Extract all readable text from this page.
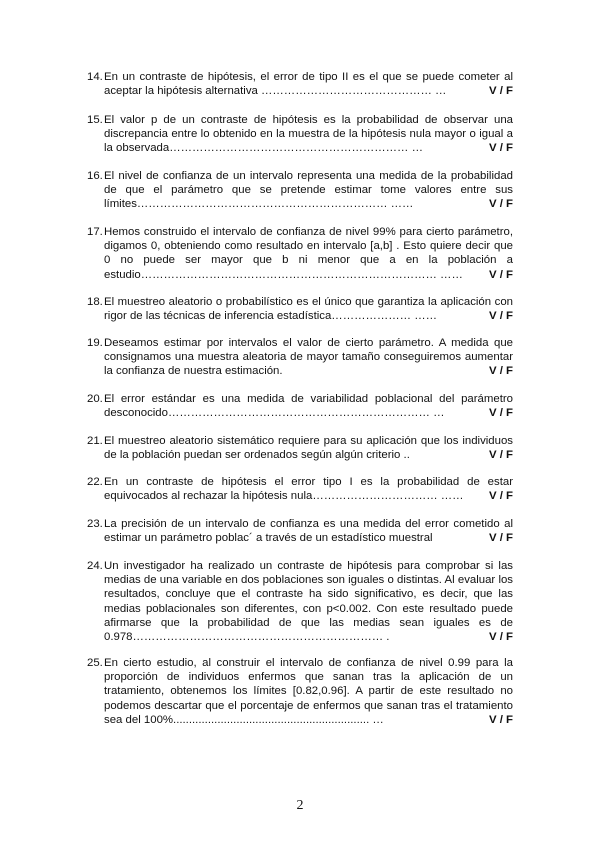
14. En un contraste de hipótesis, el error de tipo II es el que se puede cometer al aceptar la hipótesis alternativa ……………………………………… …	V / F
15. El valor p de un contraste de hipótesis es la probabilidad de observar una discrepancia entre lo obtenido en la muestra de la hipótesis nula mayor o igual a la observada……………………………………………………… …	V / F
16. El nivel de confianza de un intervalo representa una medida de la probabilidad de que el parámetro que se pretende estimar tome valores entre sus límites………………………………………………………… ……	V / F
17. Hemos construido el intervalo de confianza de nivel 99% para cierto parámetro, digamos 0, obteniendo como resultado en intervalo [a,b] . Esto quiere decir que 0 no puede ser mayor que b ni menor que a en la población a estudio…………………………………………………………………… …… V / F
18. El muestreo aleatorio o probabilístico es el único que garantiza la aplicación con rigor de las técnicas de inferencia estadística………………… ……	V / F
19. Deseamos estimar por intervalos el valor de cierto parámetro. A medida que consignamos una muestra aleatoria de mayor tamaño conseguiremos aumentar la confianza de nuestra estimación.	V / F
20. El error estándar es una medida de variabilidad poblacional del parámetro desconocido…………………………………………………………… …	V / F
21. El muestreo aleatorio sistemático requiere para su aplicación que los individuos de la población puedan ser ordenados según algún criterio ..	V / F
22. En un contraste de hipótesis el error tipo I es la probabilidad de estar equivocados al rechazar la hipótesis nula…………………………… …… V / F
23. La precisión de un intervalo de confianza es una medida del error cometido al estimar un parámetro poblac´ a través de un estadístico muestral	V / F
24. Un investigador ha realizado un contraste de hipótesis para comprobar si las medias de una variable en dos poblaciones son iguales o distintas. Al evaluar los resultados, concluye que el contraste ha sido significativo, es decir, que las medias poblacionales son diferentes, con p<0.002. Con este resultado puede afirmarse que la probabilidad de que las medias sean iguales es de 0.978………………………………………………………… .	V / F
25. En cierto estudio, al construir el intervalo de confianza de nivel 0.99 para la proporción de individuos enfermos que sanan tras la aplicación de un tratamiento, obtenemos los límites [0.82,0.96]. A partir de este resultado no podemos descartar que el porcentaje de enfermos que sanan tras el tratamiento sea del 100%.............................................................. …	V / F
2
